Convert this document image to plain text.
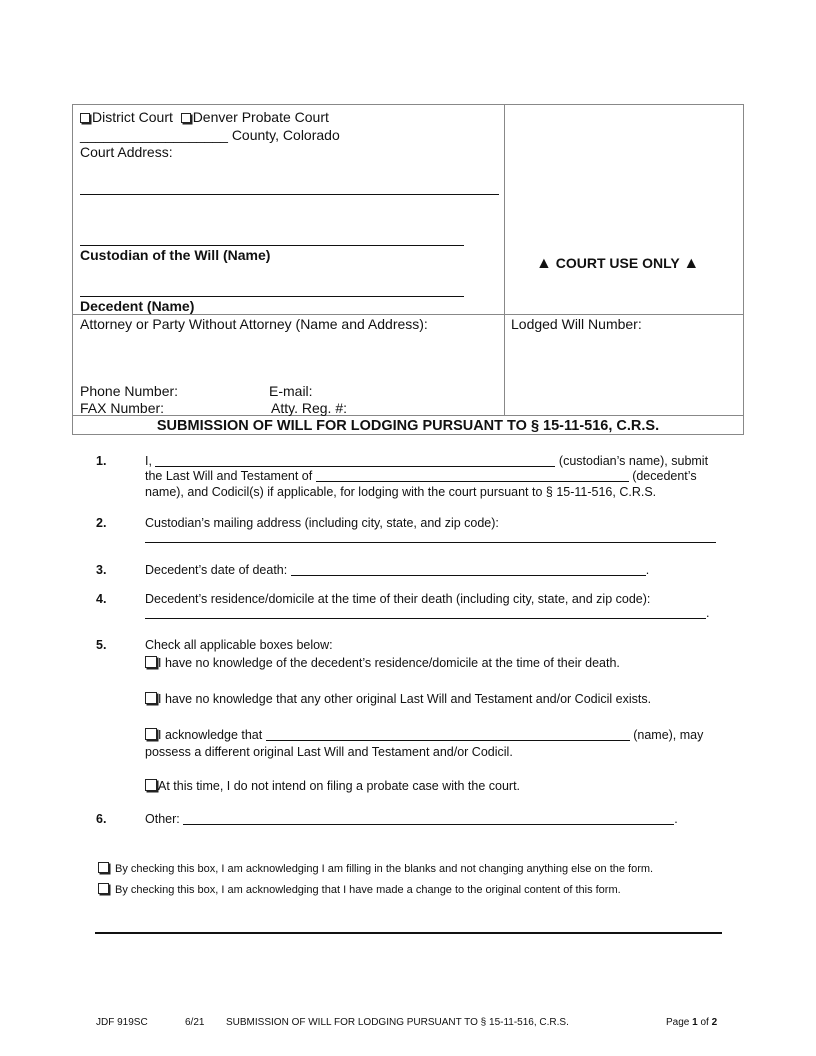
District Court Denver Probate Court
___________________ County, Colorado
Court Address:
Custodian of the Will (Name)
Decedent (Name)
▲ COURT USE ONLY ▲
Attorney or Party Without Attorney (Name and Address):	Lodged Will Number:
Phone Number:	E-mail:
FAX Number:	Atty. Reg. #:
SUBMISSION OF WILL FOR LODGING PURSUANT TO § 15-11-516, C.R.S.
1.	I,	(custodian’s name), submit
the Last Will and Testament of	(decedent’s
name), and Codicil(s) if applicable, for lodging with the court pursuant to § 15-11-516, C.R.S.
2.	Custodian’s mailing address (including city, state, and zip code):
3.	Decedent’s date of death:	.
4.	Decedent’s residence/domicile at the time of their death (including city, state, and zip code):
.
5.	Check all applicable boxes below:
I have no knowledge of the decedent’s residence/domicile at the time of their death.
I have no knowledge that any other original Last Will and Testament and/or Codicil exists.
I acknowledge that	(name), may
possess a different original Last Will and Testament and/or Codicil.
At this time, I do not intend on filing a probate case with the court.
6.	Other:	.
By checking this box, I am acknowledging I am filling in the blanks and not changing anything else on the form.
By checking this box, I am acknowledging that I have made a change to the original content of this form.
JDF 919SC	6/21 SUBMISSION OF WILL FOR LODGING PURSUANT TO § 15-11-516, C.R.S.	Page 1 of 2
